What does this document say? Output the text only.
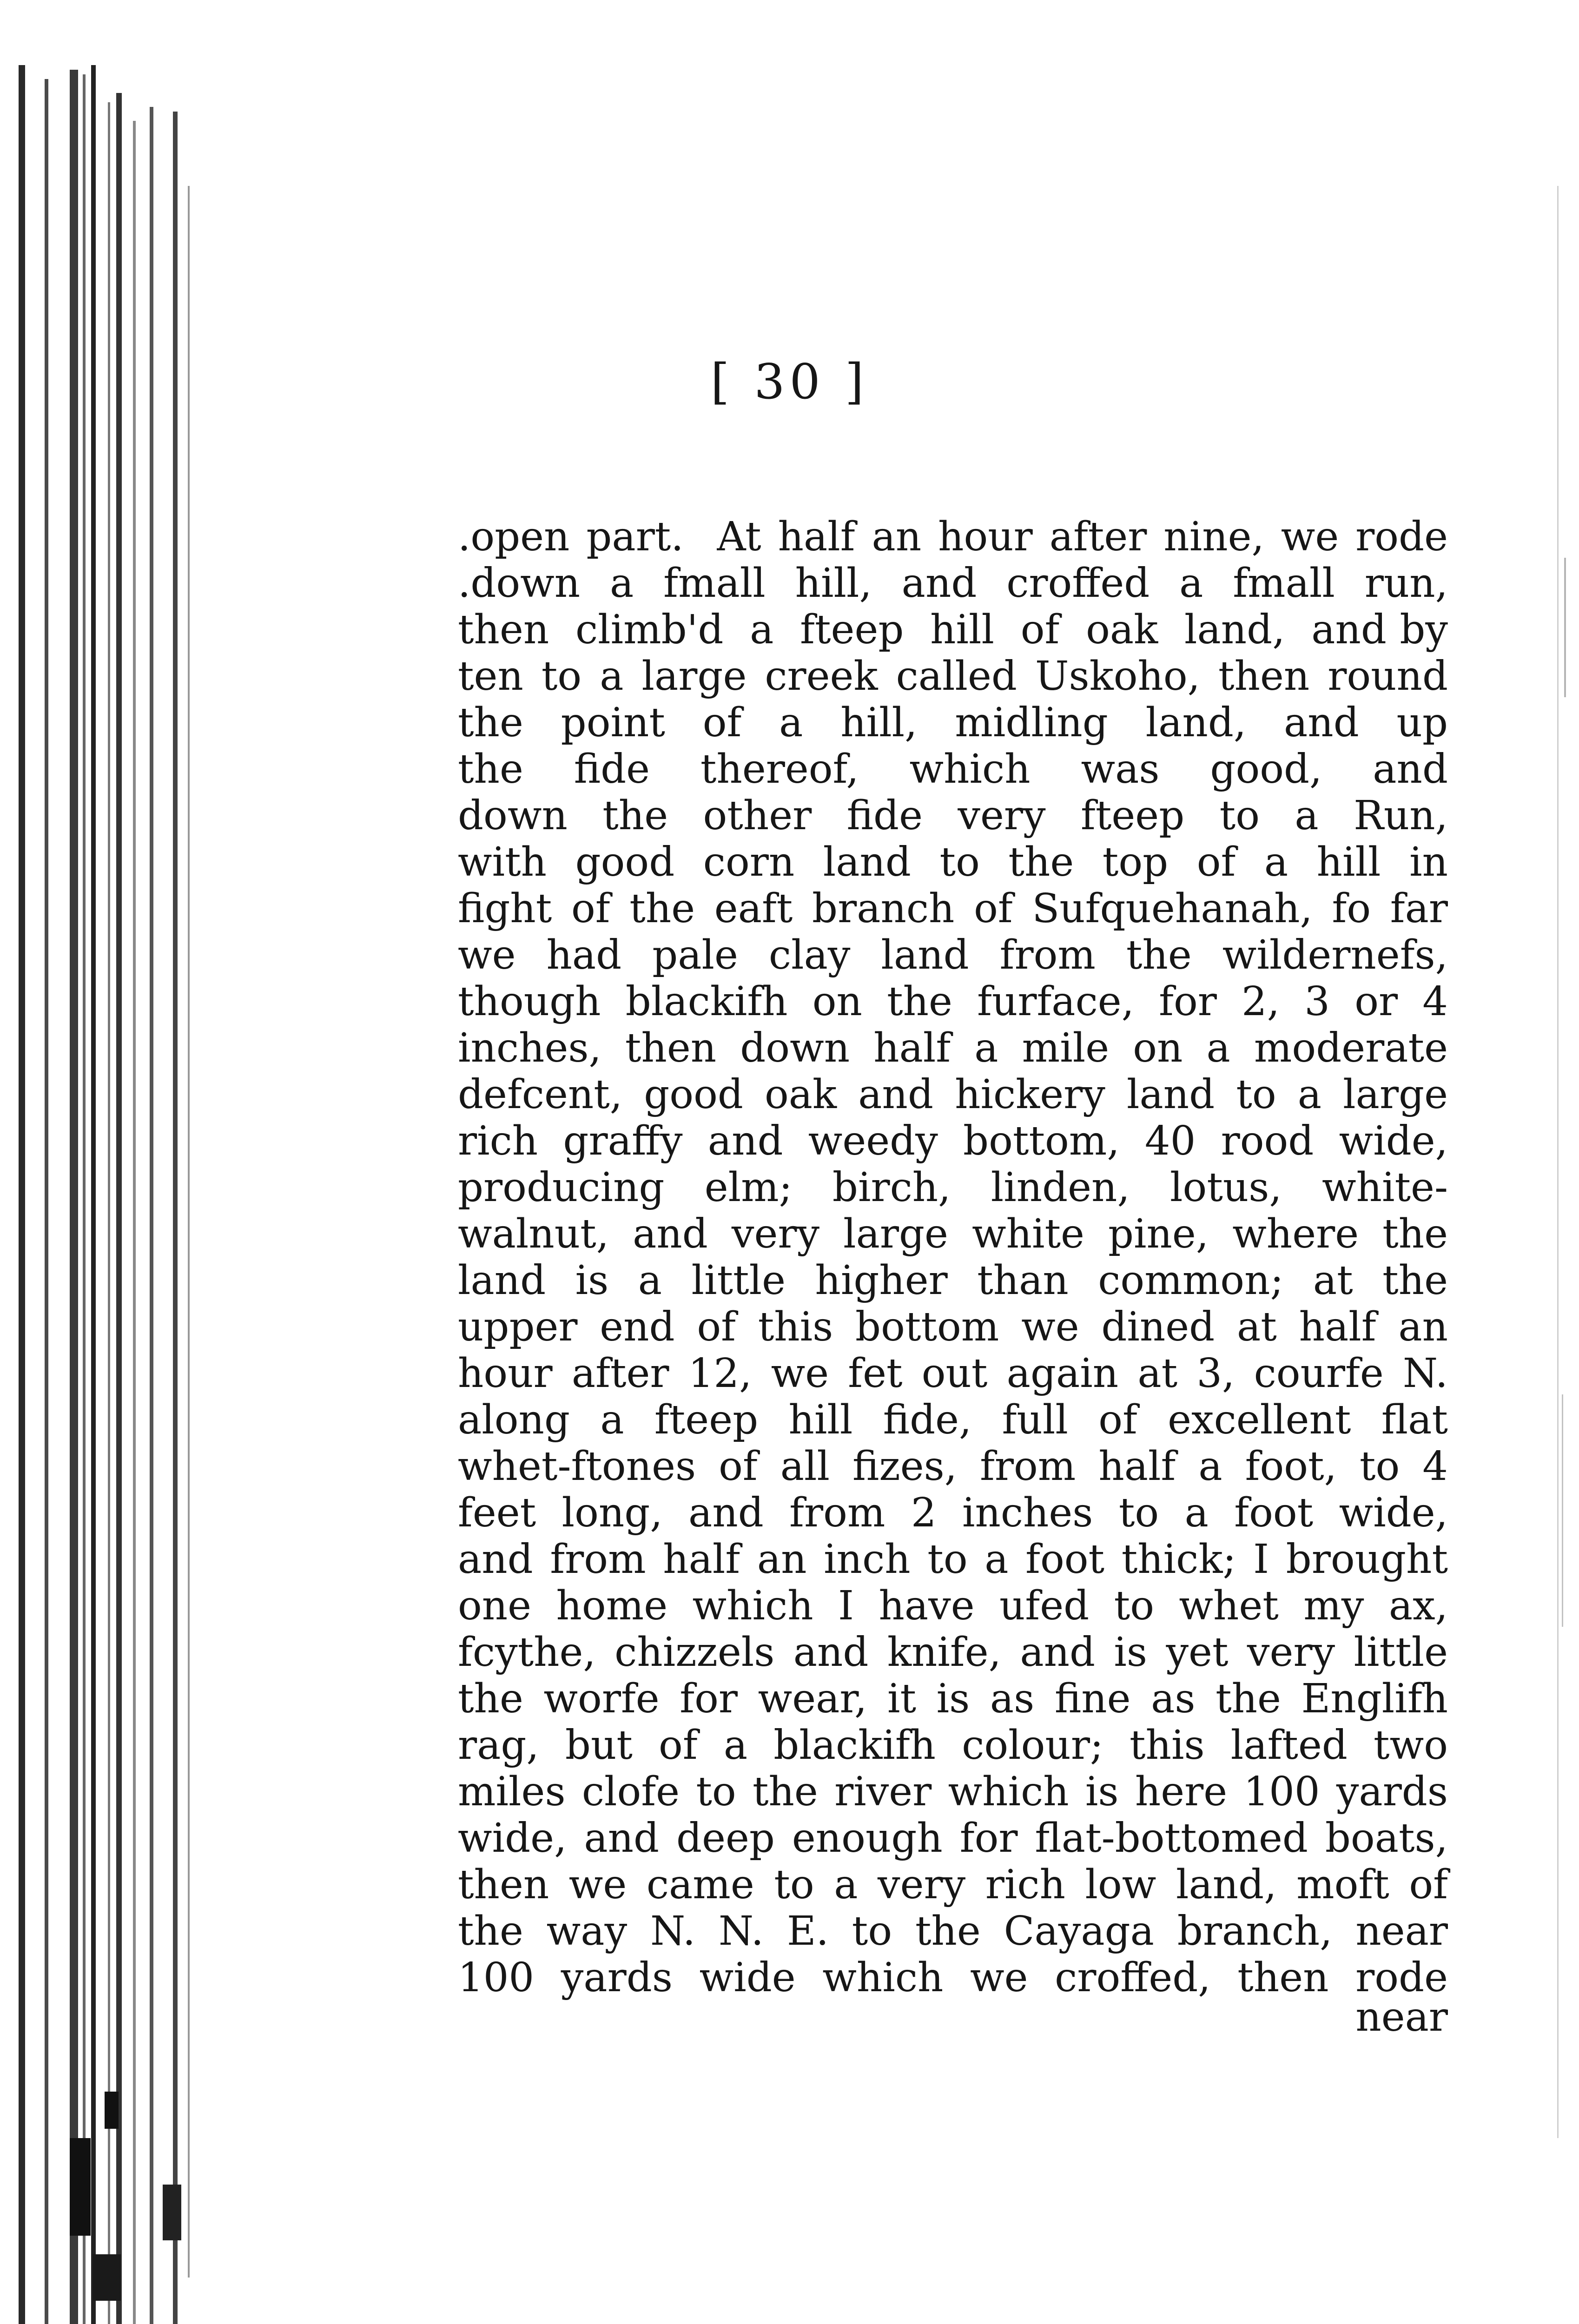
[ 30 ]
.open part.  At half an hour after nine, we rode
.down  a  fmall  hill,  and  croffed  a  fmall  run,
then  climb'd  a  fteep  hill  of  oak  land,  and by
ten to a large creek called Uskoho, then round
the  point  of  a  hill,  midling  land,  and  up
the  fide  thereof,  which  was  good,  and
down the other fide very fteep to a Run,
with good corn land to the top of a hill in
fight of the eaft branch of Sufquehanah, fo far
we had pale clay land from the wildernefs,
though blackifh on the furface, for 2, 3 or 4
inches, then down half a mile on a moderate
defcent, good oak and hickery land to a large
rich graffy and weedy bottom, 40 rood wide,
producing elm; birch, linden, lotus, white-
walnut, and very large white pine, where the
land is a little higher than common; at the
upper end of this bottom we dined at half an
hour after 12, we fet out again at 3, courfe N.
along a fteep hill fide, full of excellent flat
whet-ftones of all fizes, from half a foot, to 4
feet long, and from 2 inches to a foot wide,
and from half an inch to a foot thick; I brought
one home which I have ufed to whet my ax,
fcythe, chizzels and knife, and is yet very little
the worfe for wear, it is as fine as the Englifh
rag, but of a blackifh colour; this lafted two
miles clofe to the river which is here 100 yards
wide, and deep enough for flat-bottomed boats,
then we came to a very rich low land, moft of
the way N. N. E. to the Cayaga branch, near
100 yards wide which we croffed, then rode
near
